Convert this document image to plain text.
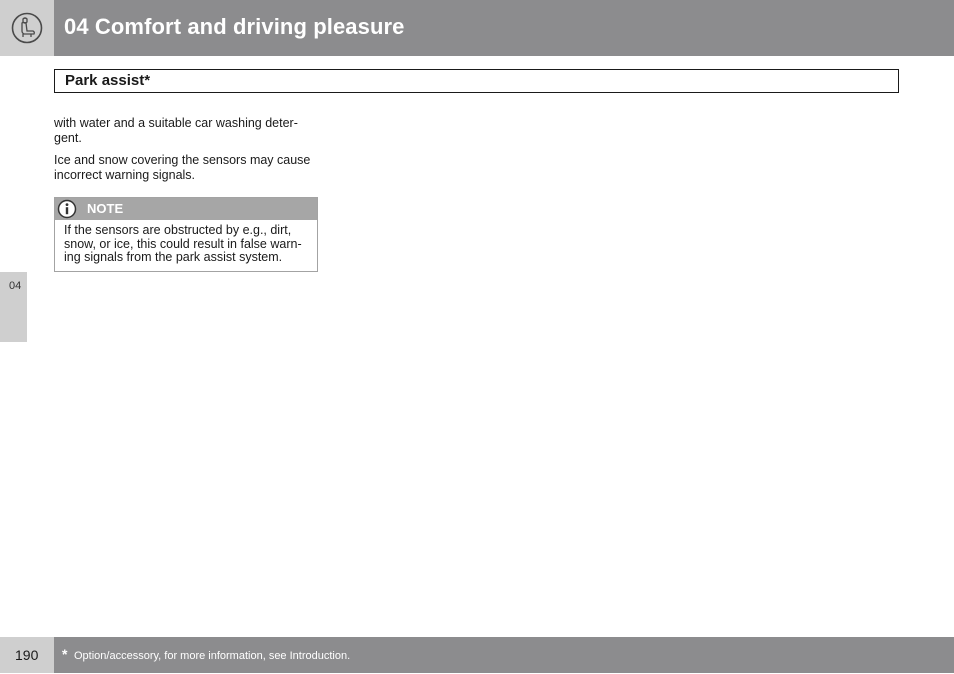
04 Comfort and driving pleasure
Park assist*

with water and a suitable car washing deter-
gent.

Ice and snow covering the sensors may cause
incorrect warning signals.

NOTE
If the sensors are obstructed by e.g., dirt,
snow, or ice, this could result in false warn-
ing signals from the park assist system.
04
190 * Option/accessory, for more information, see Introduction.
